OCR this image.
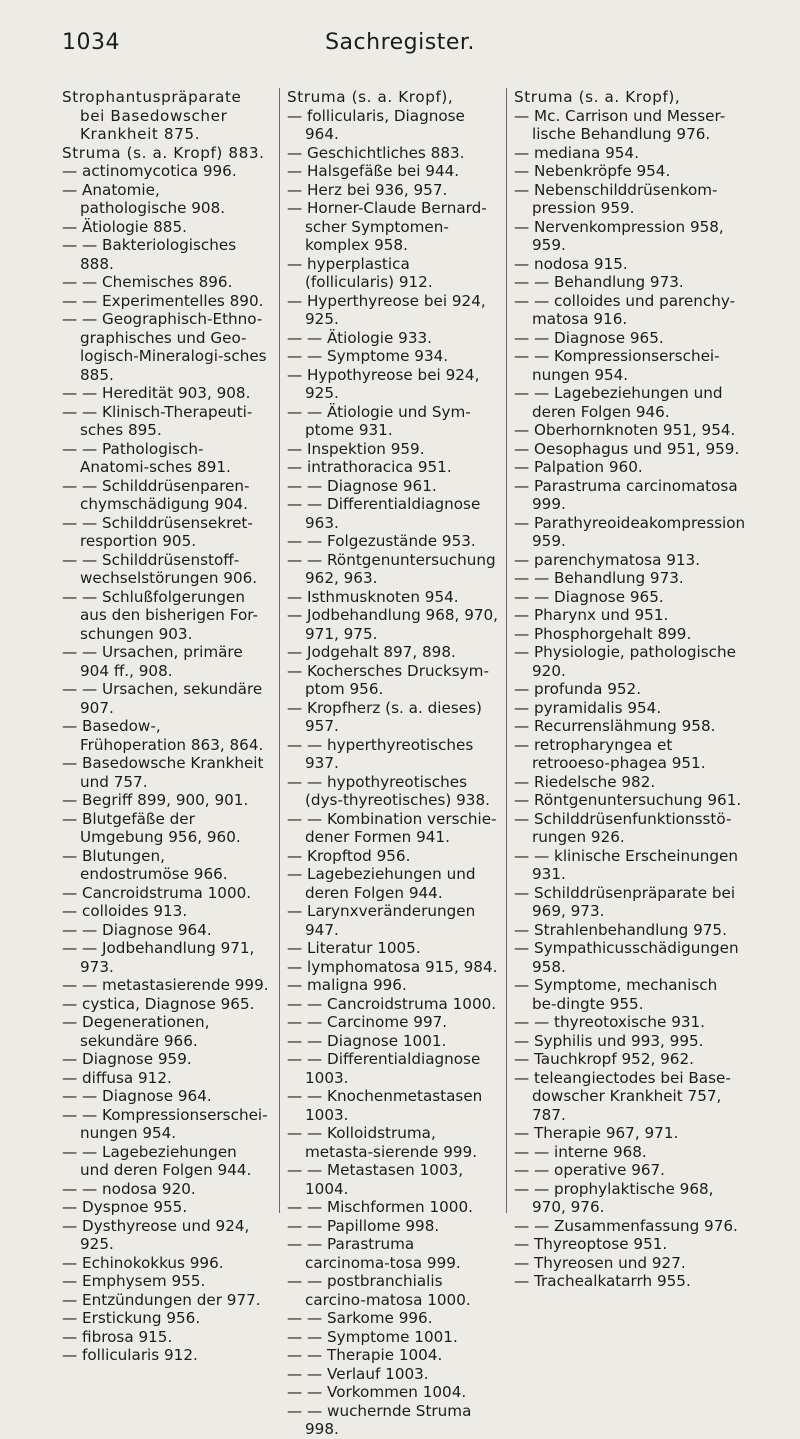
1034	Sachregister.
Strophantuspräparate bei Basedowscher Krankheit 875.
Struma (s. a. Kropf) 883.
— actinomycotica 996.
— Anatomie, pathologische 908.
— Ätiologie 885.
— — Bakteriologisches 888.
— — Chemisches 896.
— — Experimentelles 890.
— — Geographisch-Ethno-graphisches und Geo-logisch-Mineralogi-sches 885.
— — Heredität 903, 908.
— — Klinisch-Therapeuti-sches 895.
— — Pathologisch-Anatomi-sches 891.
— — Schilddrüsenparen-chymschädigung 904.
— — Schilddrüsensekret-resportion 905.
— — Schilddrüsenstoff-wechselstörungen 906.
— — Schlußfolgerungen aus den bisherigen For-schungen 903.
— — Ursachen, primäre 904 ff., 908.
— — Ursachen, sekundäre 907.
— Basedow-, Frühoperation 863, 864.
— Basedowsche Krankheit und 757.
— Begriff 899, 900, 901.
— Blutgefäße der Umgebung 956, 960.
— Blutungen, endostrumöse 966.
— Cancroidstruma 1000.
— colloides 913.
— — Diagnose 964.
— — Jodbehandlung 971, 973.
— — metastasierende 999.
— cystica, Diagnose 965.
— Degenerationen, sekundäre 966.
— Diagnose 959.
— diffusa 912.
— — Diagnose 964.
— — Kompressionserschei-nungen 954.
— — Lagebeziehungen und deren Folgen 944.
— — nodosa 920.
— Dyspnoe 955.
— Dysthyreose und 924, 925.
— Echinokokkus 996.
— Emphysem 955.
— Entzündungen der 977.
— Erstickung 956.
— fibrosa 915.
— follicularis 912.
Struma (s. a. Kropf),
— follicularis, Diagnose 964.
— Geschichtliches 883.
— Halsgefäße bei 944.
— Herz bei 936, 957.
— Horner-Claude Bernard-scher Symptomen-komplex 958.
— hyperplastica (follicularis) 912.
— Hyperthyreose bei 924, 925.
— — Ätiologie 933.
— — Symptome 934.
— Hypothyreose bei 924, 925.
— — Ätiologie und Sym-ptome 931.
— Inspektion 959.
— intrathoracica 951.
— — Diagnose 961.
— — Differentialdiagnose 963.
— — Folgezustände 953.
— — Röntgenuntersuchung 962, 963.
— Isthmusknoten 954.
— Jodbehandlung 968, 970, 971, 975.
— Jodgehalt 897, 898.
— Kochersches Drucksym-ptom 956.
— Kropfherz (s. a. dieses) 957.
— — hyperthyreotisches 937.
— — hypothyreotisches (dys-thyreotisches) 938.
— — Kombination verschie-dener Formen 941.
— Kropftod 956.
— Lagebeziehungen und deren Folgen 944.
— Larynxveränderungen 947.
— Literatur 1005.
— lymphomatosa 915, 984.
— maligna 996.
— — Cancroidstruma 1000.
— — Carcinome 997.
— — Diagnose 1001.
— — Differentialdiagnose 1003.
— — Knochenmetastasen 1003.
— — Kolloidstruma, metasta-sierende 999.
— — Metastasen 1003, 1004.
— — Mischformen 1000.
— — Papillome 998.
— — Parastruma carcinoma-tosa 999.
— — postbranchialis carcino-matosa 1000.
— — Sarkome 996.
— — Symptome 1001.
— — Therapie 1004.
— — Verlauf 1003.
— — Vorkommen 1004.
— — wuchernde Struma 998.
Struma (s. a. Kropf),
— Mc. Carrison und Messer-lische Behandlung 976.
— mediana 954.
— Nebenkröpfe 954.
— Nebenschilddrüsenkom-pression 959.
— Nervenkompression 958, 959.
— nodosa 915.
— — Behandlung 973.
— — colloides und parenchy-matosa 916.
— — Diagnose 965.
— — Kompressionserschei-nungen 954.
— — Lagebeziehungen und deren Folgen 946.
— Oberhornknoten 951, 954.
— Oesophagus und 951, 959.
— Palpation 960.
— Parastruma carcinomatosa 999.
— Parathyreoideakompression 959.
— parenchymatosa 913.
— — Behandlung 973.
— — Diagnose 965.
— Pharynx und 951.
— Phosphorgehalt 899.
— Physiologie, pathologische 920.
— profunda 952.
— pyramidalis 954.
— Recurrenslähmung 958.
— retropharyngea et retrooeso-phagea 951.
— Riedelsche 982.
— Röntgenuntersuchung 961.
— Schilddrüsenfunktionsstö-rungen 926.
— — klinische Erscheinungen 931.
— Schilddrüsenpräparate bei 969, 973.
— Strahlenbehandlung 975.
— Sympathicusschädigungen 958.
— Symptome, mechanisch be-dingte 955.
— — thyreotoxische 931.
— Syphilis und 993, 995.
— Tauchkropf 952, 962.
— teleangiectodes bei Base-dowscher Krankheit 757, 787.
— Therapie 967, 971.
— — interne 968.
— — operative 967.
— — prophylaktische 968, 970, 976.
— — Zusammenfassung 976.
— Thyreoptose 951.
— Thyreosen und 927.
— Trachealkatarrh 955.
